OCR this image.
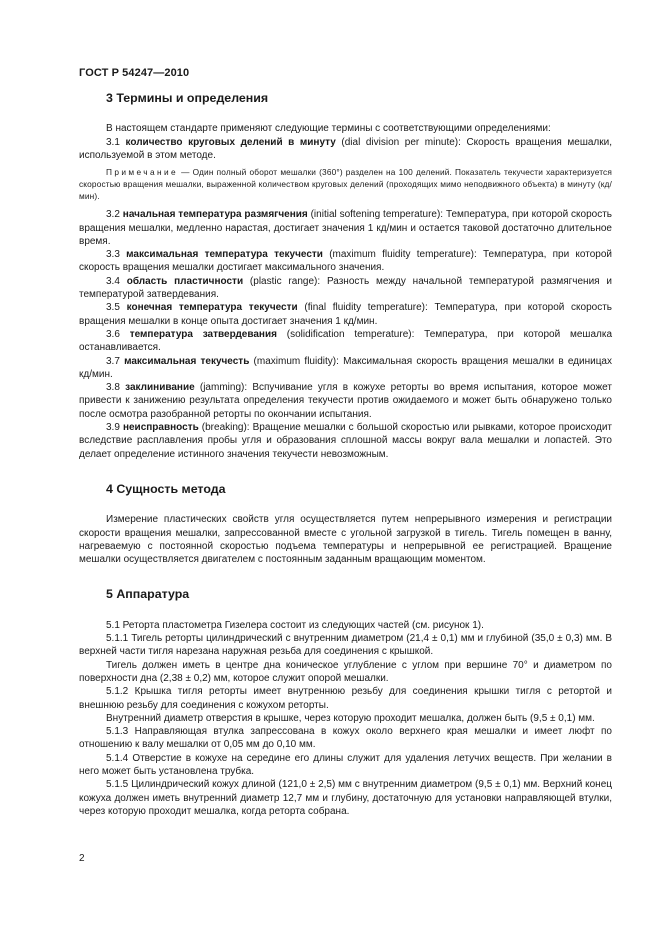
ГОСТ Р 54247—2010
3 Термины и определения

В настоящем стандарте применяют следующие термины с соответствующими определениями:

3.1 количество круговых делений в минуту (dial division per minute): Скорость вращения мешалки, используемой в этом методе.

Примечание — Один полный оборот мешалки (360°) разделен на 100 делений. Показатель текучести характеризуется скоростью вращения мешалки, выраженной количеством круговых делений (проходящих мимо неподвижного объекта) в минуту (кд/мин).

3.2 начальная температура размягчения (initial softening temperature): Температура, при которой скорость вращения мешалки, медленно нарастая, достигает значения 1 кд/мин и остается таковой достаточно длительное время.

3.3 максимальная температура текучести (maximum fluidity temperature): Температура, при которой скорость вращения мешалки достигает максимального значения.

3.4 область пластичности (plastic range): Разность между начальной температурой размягчения и температурой затвердевания.

3.5 конечная температура текучести (final fluidity temperature): Температура, при которой скорость вращения мешалки в конце опыта достигает значения 1 кд/мин.

3.6 температура затвердевания (solidification temperature): Температура, при которой мешалка останавливается.

3.7 максимальная текучесть (maximum fluidity): Максимальная скорость вращения мешалки в единицах кд/мин.

3.8 заклинивание (jamming): Вспучивание угля в кожухе реторты во время испытания, которое может привести к занижению результата определения текучести против ожидаемого и может быть обнаружено только после осмотра разобранной реторты по окончании испытания.

3.9 неисправность (breaking): Вращение мешалки с большой скоростью или рывками, которое происходит вследствие расплавления пробы угля и образования сплошной массы вокруг вала мешалки и лопастей. Это делает определение истинного значения текучести невозможным.

4 Сущность метода

Измерение пластических свойств угля осуществляется путем непрерывного измерения и регистрации скорости вращения мешалки, запрессованной вместе с угольной загрузкой в тигель. Тигель помещен в ванну, нагреваемую с постоянной скоростью подъема температуры и непрерывной ее регистрацией. Вращение мешалки осуществляется двигателем с постоянным заданным вращающим моментом.

5 Аппаратура

5.1 Реторта пластометра Гизелера состоит из следующих частей (см. рисунок 1).

5.1.1 Тигель реторты цилиндрический с внутренним диаметром (21,4 ± 0,1) мм и глубиной (35,0 ± 0,3) мм. В верхней части тигля нарезана наружная резьба для соединения с крышкой.

Тигель должен иметь в центре дна коническое углубление с углом при вершине 70° и диаметром по поверхности дна (2,38 ± 0,2) мм, которое служит опорой мешалки.

5.1.2 Крышка тигля реторты имеет внутреннюю резьбу для соединения крышки тигля с ретортой и внешнюю резьбу для соединения с кожухом реторты.

Внутренний диаметр отверстия в крышке, через которую проходит мешалка, должен быть (9,5 ± 0,1) мм.

5.1.3 Направляющая втулка запрессована в кожух около верхнего края мешалки и имеет люфт по отношению к валу мешалки от 0,05 мм до 0,10 мм.

5.1.4 Отверстие в кожухе на середине его длины служит для удаления летучих веществ. При желании в него может быть установлена трубка.

5.1.5 Цилиндрический кожух длиной (121,0 ± 2,5) мм с внутренним диаметром (9,5 ± 0,1) мм. Верхний конец кожуха должен иметь внутренний диаметр 12,7 мм и глубину, достаточную для установки направляющей втулки, через которую проходит мешалка, когда реторта собрана.

2
